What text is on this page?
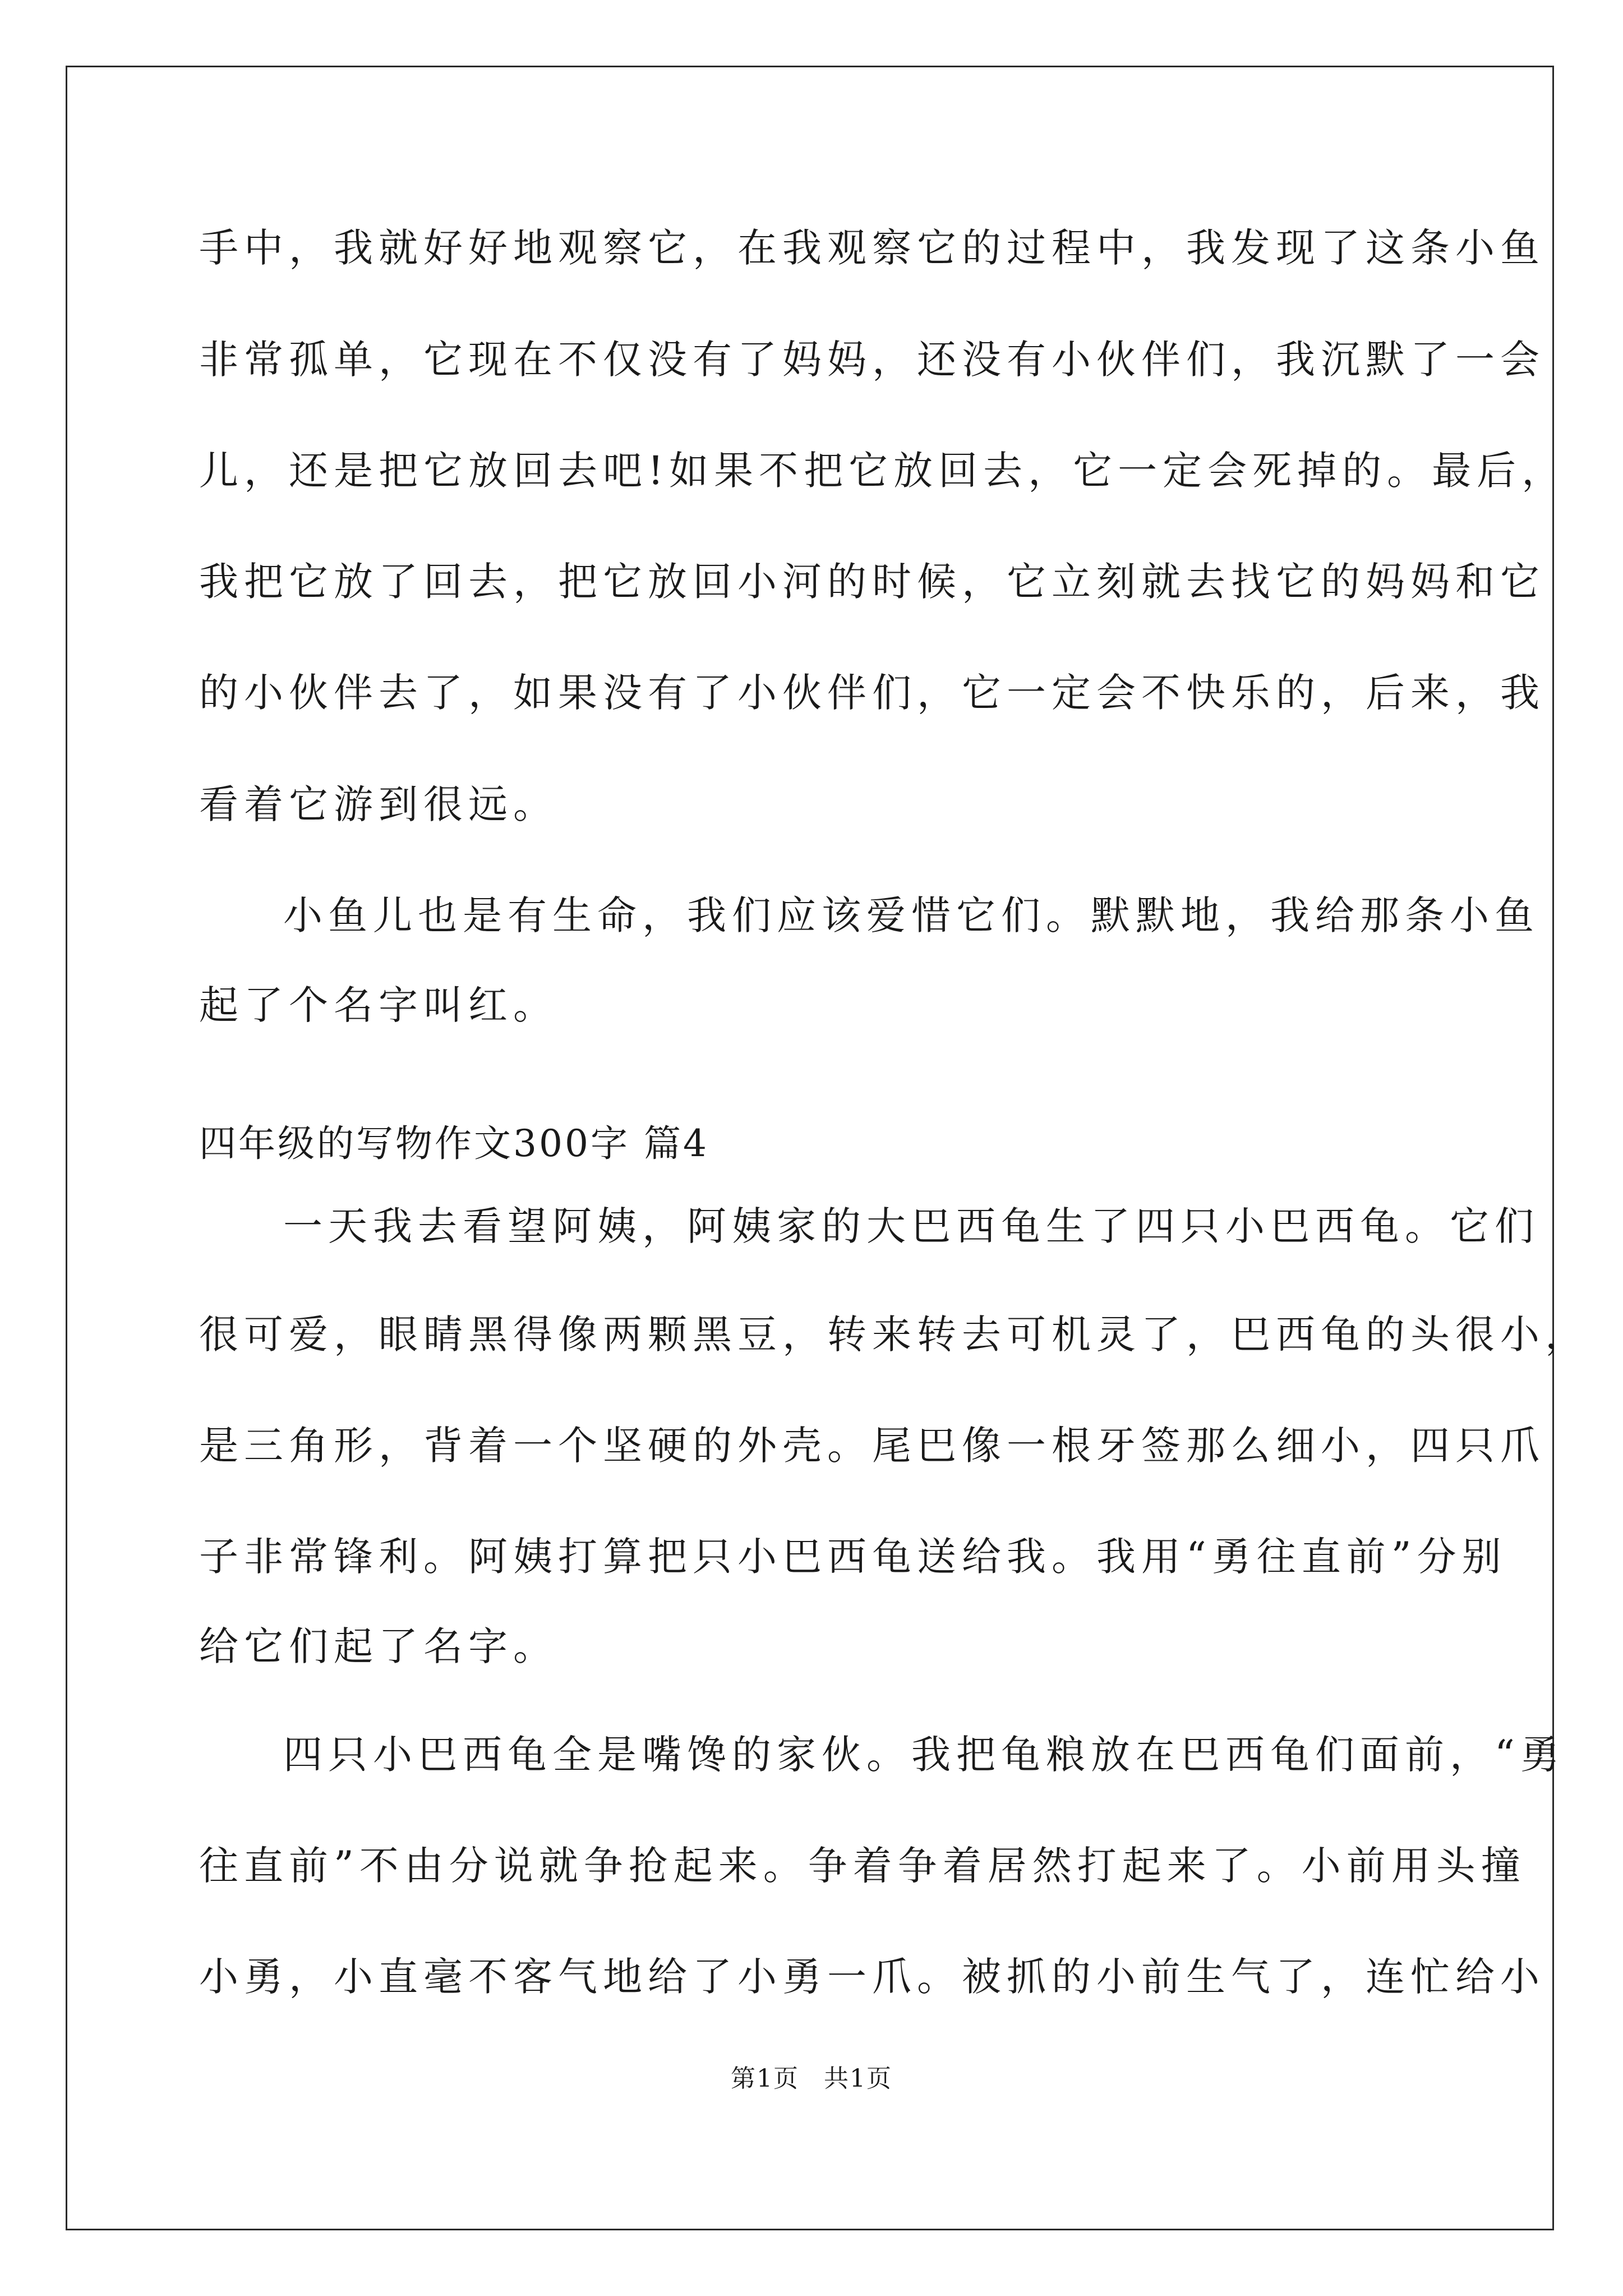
手中，我就好好地观察它，在我观察它的过程中，我发现了这条小鱼
非常孤单，它现在不仅没有了妈妈，还没有小伙伴们，我沉默了一会
儿，还是把它放回去吧!如果不把它放回去，它一定会死掉的。最后，
我把它放了回去，把它放回小河的时候，它立刻就去找它的妈妈和它
的小伙伴去了，如果没有了小伙伴们，它一定会不快乐的，后来，我
看着它游到很远。
小鱼儿也是有生命，我们应该爱惜它们。默默地，我给那条小鱼
起了个名字叫红。
四年级的写物作文300字 篇4
一天我去看望阿姨，阿姨家的大巴西龟生了四只小巴西龟。它们
很可爱，眼睛黑得像两颗黑豆，转来转去可机灵了，巴西龟的头很小，
是三角形，背着一个坚硬的外壳。尾巴像一根牙签那么细小，四只爪
子非常锋利。阿姨打算把只小巴西龟送给我。我用“勇往直前”分别
给它们起了名字。
四只小巴西龟全是嘴馋的家伙。我把龟粮放在巴西龟们面前，“勇
往直前”不由分说就争抢起来。争着争着居然打起来了。小前用头撞
小勇，小直毫不客气地给了小勇一爪。被抓的小前生气了，连忙给小
第1页 共1页
